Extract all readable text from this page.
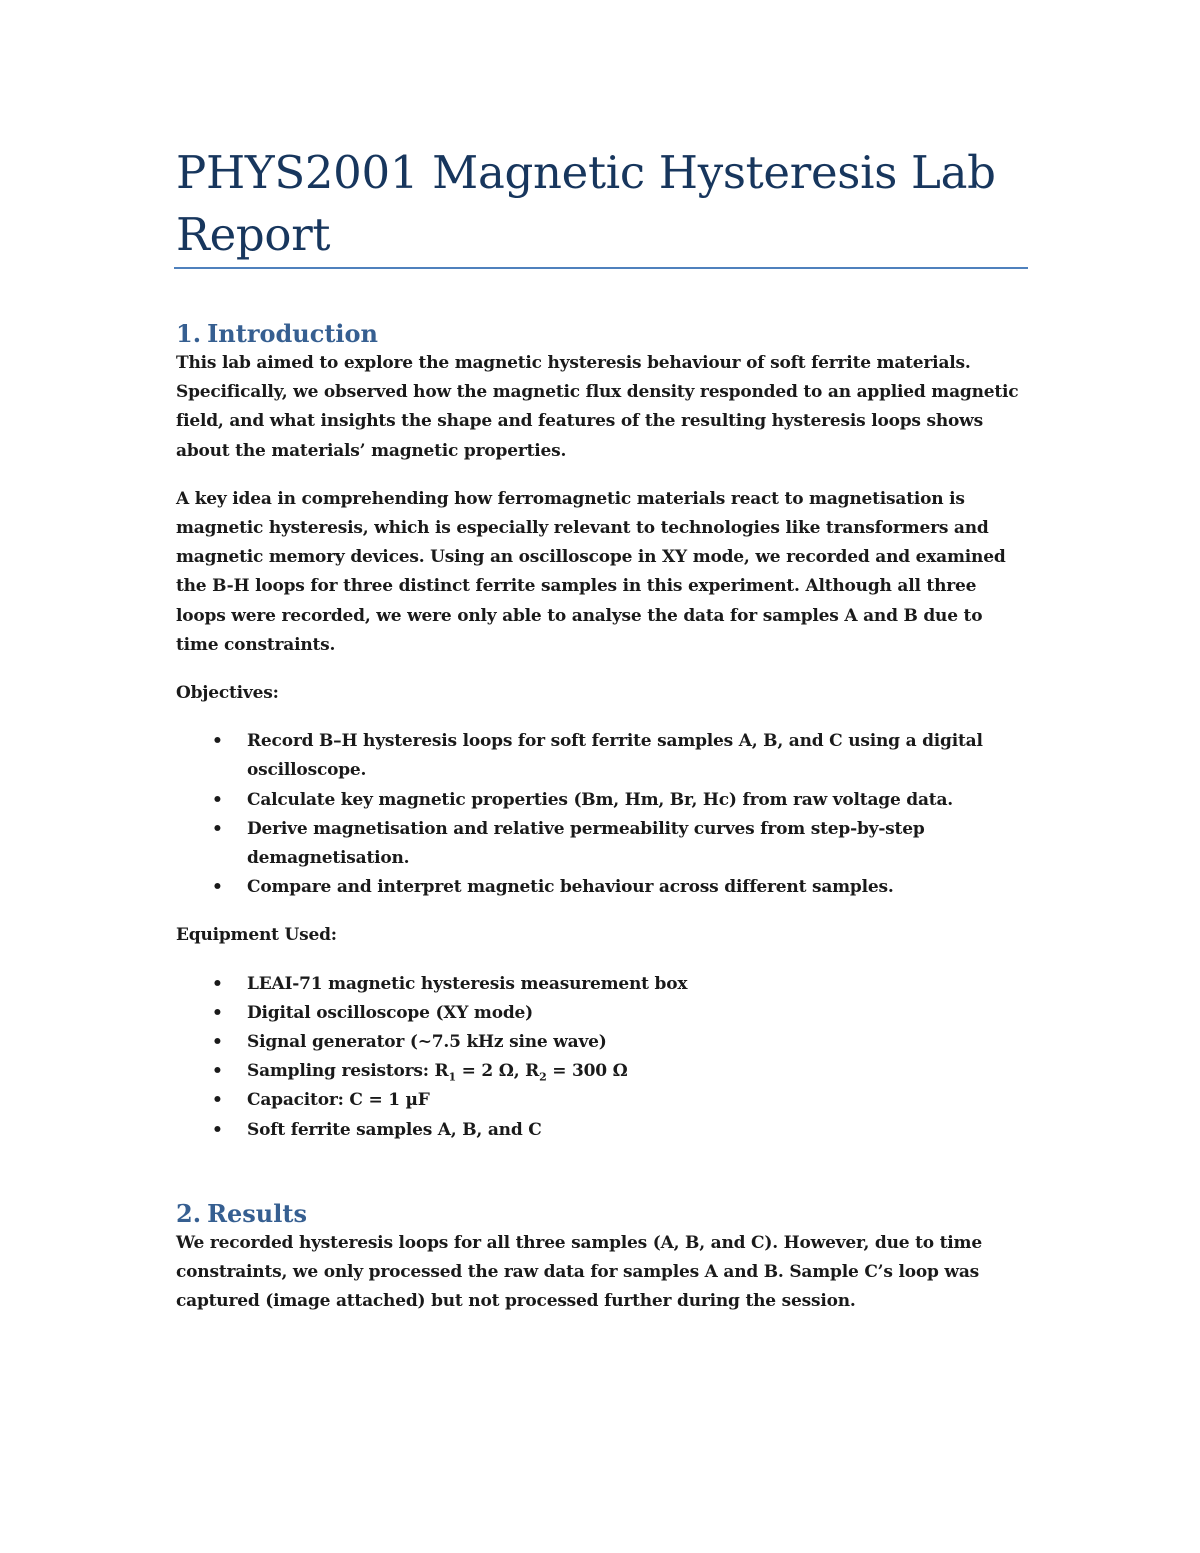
PHYS2001 Magnetic Hysteresis Lab Report
1. Introduction

This lab aimed to explore the magnetic hysteresis behaviour of soft ferrite materials. Specifically, we observed how the magnetic flux density responded to an applied magnetic field, and what insights the shape and features of the resulting hysteresis loops shows about the materials’ magnetic properties.

A key idea in comprehending how ferromagnetic materials react to magnetisation is magnetic hysteresis, which is especially relevant to technologies like transformers and magnetic memory devices. Using an oscilloscope in XY mode, we recorded and examined the B-H loops for three distinct ferrite samples in this experiment. Although all three loops were recorded, we were only able to analyse the data for samples A and B due to time constraints.

Objectives:

• Record B–H hysteresis loops for soft ferrite samples A, B, and C using a digital oscilloscope.
• Calculate key magnetic properties (Bm, Hm, Br, Hc) from raw voltage data.
• Derive magnetisation and relative permeability curves from step-by-step demagnetisation.
• Compare and interpret magnetic behaviour across different samples.

Equipment Used:

• LEAI-71 magnetic hysteresis measurement box
• Digital oscilloscope (XY mode)
• Signal generator (~7.5 kHz sine wave)
• Sampling resistors: $R_1 = 2$ Ω, $R_2 = 300$ Ω
• Capacitor: C = 1 µF
• Soft ferrite samples A, B, and C
2. Results

We recorded hysteresis loops for all three samples (A, B, and C). However, due to time constraints, we only processed the raw data for samples A and B. Sample C’s loop was captured (image attached) but not processed further during the session.
